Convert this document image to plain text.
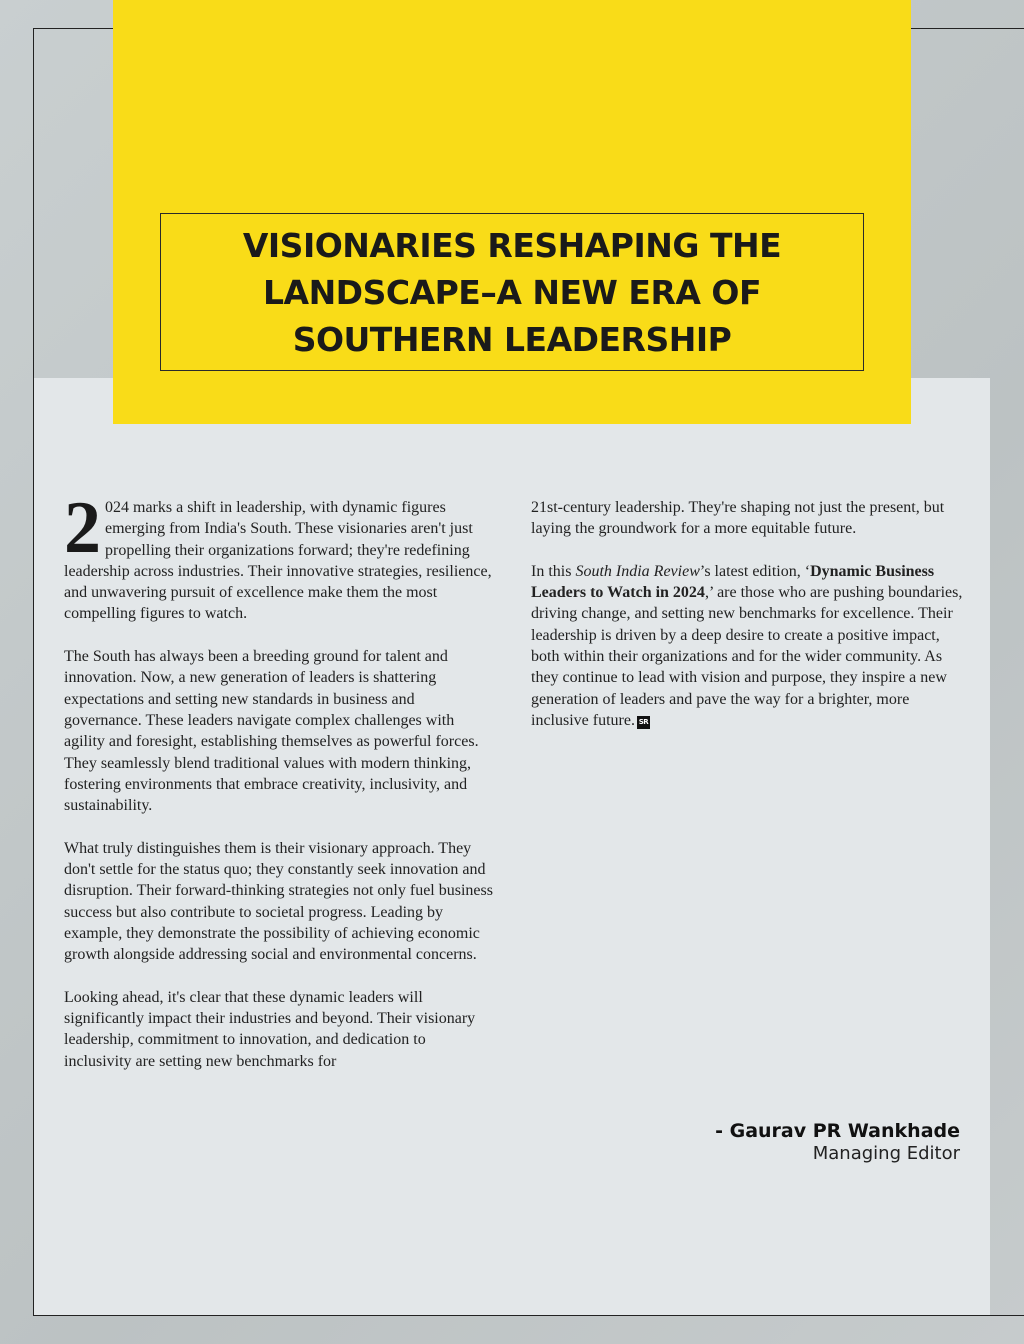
VISIONARIES RESHAPING THE
LANDSCAPE–A NEW ERA OF
SOUTHERN LEADERSHIP

2 024 marks a shift in leadership, with dynamic figures emerging from India's South. These visionaries aren't just propelling their organizations forward; they're redefining leadership across industries. Their innovative strategies, resilience, and unwavering pursuit of excellence make them the most compelling figures to watch.

The South has always been a breeding ground for talent and innovation. Now, a new generation of leaders is shattering expectations and setting new standards in business and governance. These leaders navigate complex challenges with agility and foresight, establishing themselves as powerful forces. They seamlessly blend traditional values with modern thinking, fostering environments that embrace creativity, inclusivity, and sustainability.

What truly distinguishes them is their visionary approach. They don't settle for the status quo; they constantly seek innovation and disruption. Their forward-thinking strategies not only fuel business success but also contribute to societal progress. Leading by example, they demonstrate the possibility of achieving economic growth alongside addressing social and environmental concerns.

Looking ahead, it's clear that these dynamic leaders will significantly impact their industries and beyond. Their visionary leadership, commitment to innovation, and dedication to inclusivity are setting new benchmarks for

21st-century leadership. They're shaping not just the present, but laying the groundwork for a more equitable future.

In this South India Review’s latest edition, ‘Dynamic Business Leaders to Watch in 2024,’ are those who are pushing boundaries, driving change, and setting new benchmarks for excellence. Their leadership is driven by a deep desire to create a positive impact, both within their organizations and for the wider community. As they continue to lead with vision and purpose, they inspire a new generation of leaders and pave the way for a brighter, more inclusive future. SR

- Gaurav PR Wankhade
Managing Editor
